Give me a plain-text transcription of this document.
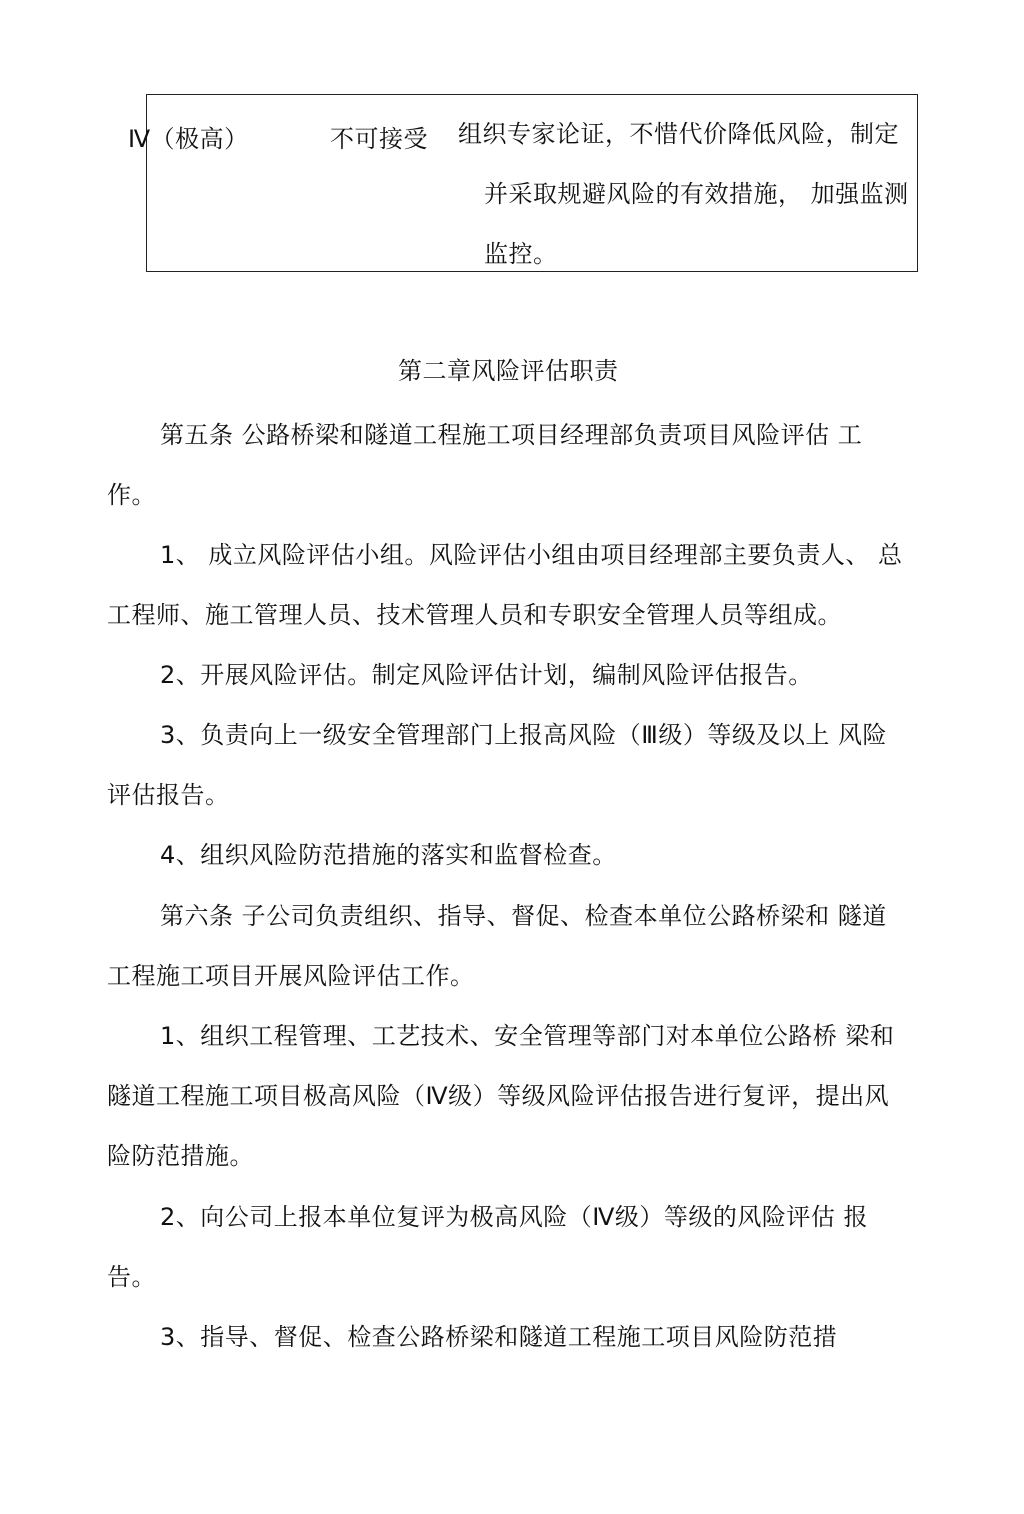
Ⅳ（极高）	不可接受 组织专家论证，不惜代价降低风险，制定
并采取规避风险的有效措施， 加强监测
监控。
第二章风险评估职责
第五条 公路桥梁和隧道工程施工项目经理部负责项目风险评估 工
作。
1、 成立风险评估小组。风险评估小组由项目经理部主要负责人、 总
工程师、施工管理人员、技术管理人员和专职安全管理人员等组成。
2、开展风险评估。制定风险评估计划，编制风险评估报告。
3、负责向上一级安全管理部门上报高风险（Ⅲ级）等级及以上 风险
评估报告。
4、组织风险防范措施的落实和监督检查。
第六条 子公司负责组织、指导、督促、检查本单位公路桥梁和 隧道
工程施工项目开展风险评估工作。
1、组织工程管理、工艺技术、安全管理等部门对本单位公路桥 梁和
隧道工程施工项目极高风险（Ⅳ级）等级风险评估报告进行复评，提出风
险防范措施。
2、向公司上报本单位复评为极高风险（Ⅳ级）等级的风险评估 报
告。
3、指导、督促、检查公路桥梁和隧道工程施工项目风险防范措
